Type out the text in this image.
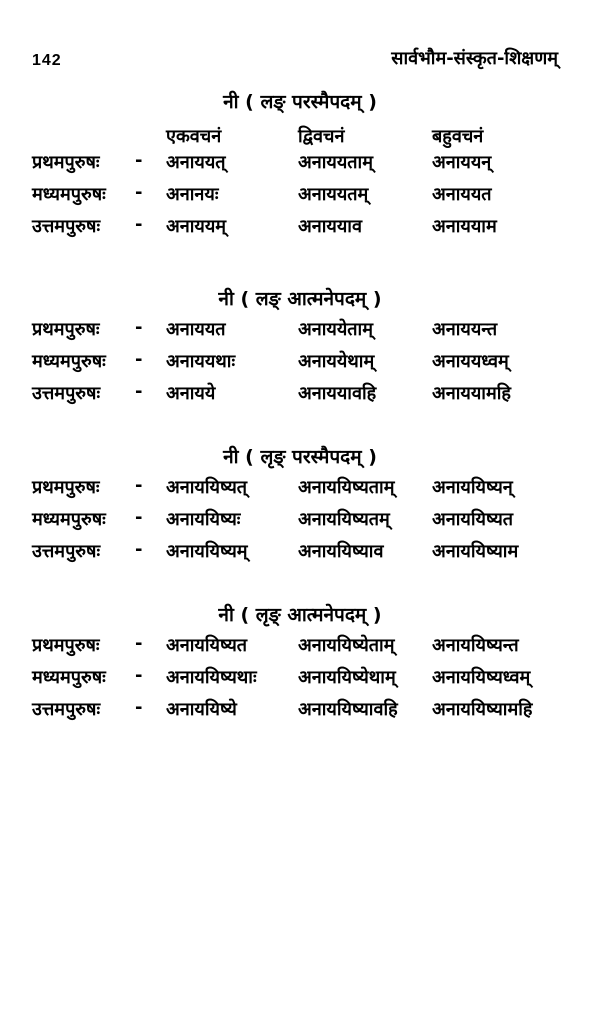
142	सार्वभौम-संस्कृत-शिक्षणम्
नी ( लङ् परस्मैपदम् )
एकवचनं	द्विवचनं	बहुवचनं
प्रथमपुरुषः - अनाययत्	अनाययताम्	अनाययन्
मध्यमपुरुषः - अनानयः	अनाययतम्	अनाययत
उत्तमपुरुषः - अनाययम्	अनाययाव	अनाययाम
नी ( लङ् आत्मनेपदम् )
प्रथमपुरुषः - अनाययत	अनाययेताम्	अनाययन्त
मध्यमपुरुषः - अनाययथाः	अनाययेथाम्	अनाययध्वम्
उत्तमपुरुषः - अनायये	अनाययावहि	अनाययामहि
नी ( लृङ् परस्मैपदम् )
प्रथमपुरुषः - अनाययिष्यत्	अनाययिष्यताम् अनाययिष्यन्
मध्यमपुरुषः - अनाययिष्यः	अनाययिष्यतम् अनाययिष्यत
उत्तमपुरुषः - अनाययिष्यम्	अनाययिष्याव	अनाययिष्याम
नी ( लृङ् आत्मनेपदम् )
प्रथमपुरुषः - अनाययिष्यत	अनाययिष्येताम् अनाययिष्यन्त
मध्यमपुरुषः - अनाययिष्यथाः अनाययिष्येथाम् अनाययिष्यध्वम्
उत्तमपुरुषः - अनाययिष्ये	अनाययिष्यावहि अनाययिष्यामहि
